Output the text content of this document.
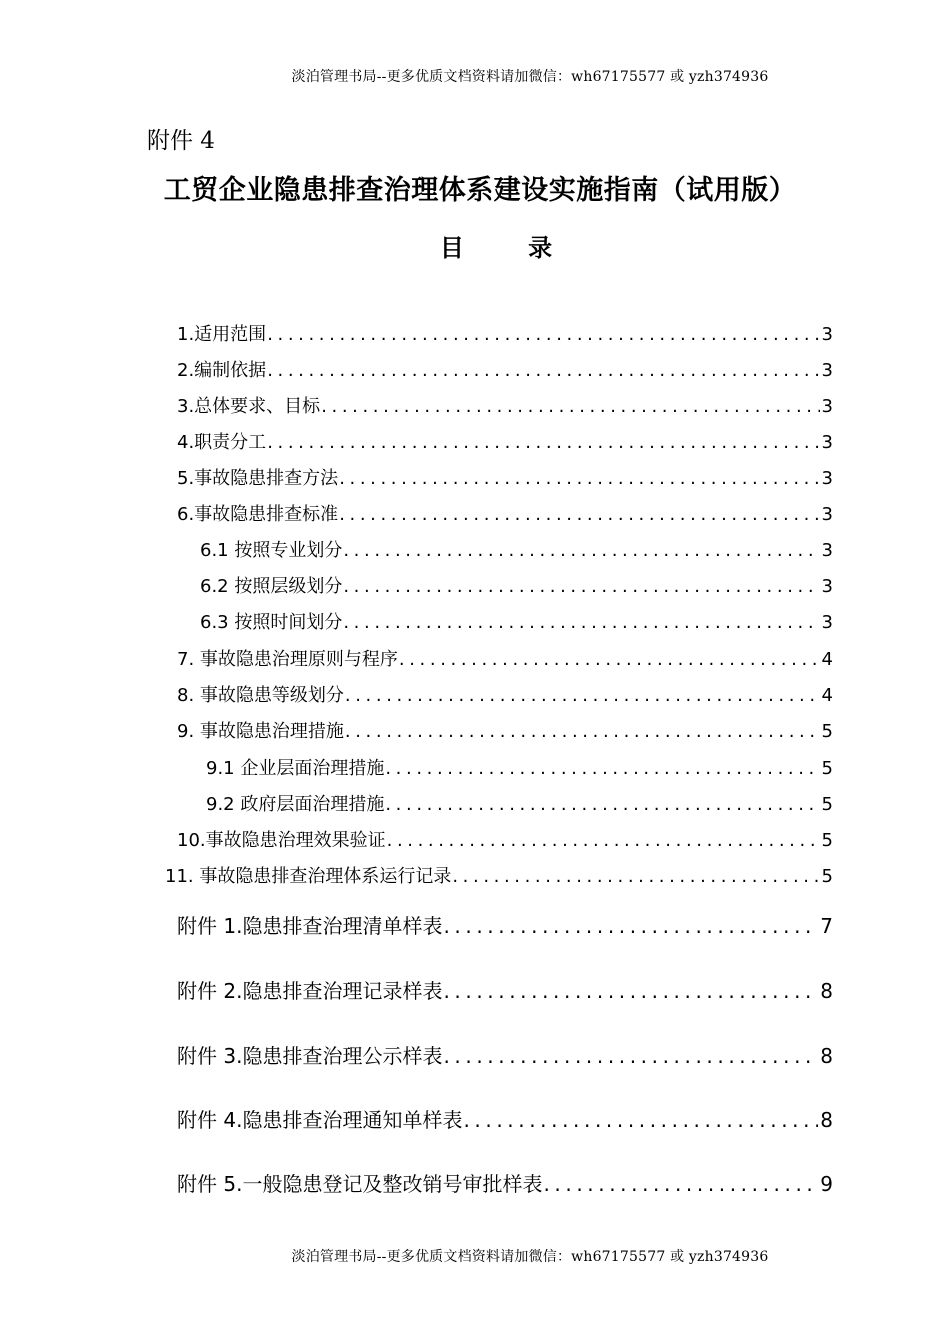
淡泊管理书局--更多优质文档资料请加微信：wh67175577 或 yzh374936
附件 4
工贸企业隐患排查治理体系建设实施指南（试用版）
目 录
1.适用范围 .....	3
2.编制依据 .....	3
3.总体要求、目标 .....	3
4.职责分工 .....	3
5.事故隐患排查方法 .....	3
6.事故隐患排查标准 .....	3
6.1 按照专业划分 .....	3
6.2 按照层级划分 .....	3
6.3 按照时间划分 .....	3
7. 事故隐患治理原则与程序 .....	4
8. 事故隐患等级划分 .....	4
9. 事故隐患治理措施 .....	5
9.1 企业层面治理措施 .....	5
9.2 政府层面治理措施 .....	5
10.事故隐患治理效果验证 .....	5
11. 事故隐患排查治理体系运行记录 .....	5
附件 1.隐患排查治理清单样表 .....	7
附件 2.隐患排查治理记录样表 .....	8
附件 3.隐患排查治理公示样表 .....	8
附件 4.隐患排查治理通知单样表 .....	8
附件 5.一般隐患登记及整改销号审批样表 .....	9
淡泊管理书局--更多优质文档资料请加微信：wh67175577 或 yzh374936
